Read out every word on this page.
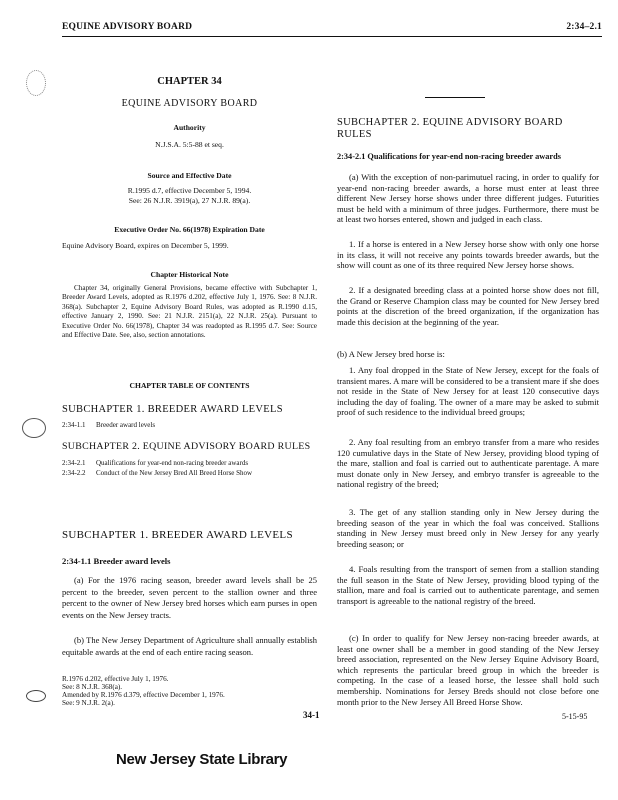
EQUINE ADVISORY BOARD	2:34–2.1
CHAPTER 34
EQUINE ADVISORY BOARD
Authority
N.J.S.A. 5:5-88 et seq.
Source and Effective Date
R.1995 d.7, effective December 5, 1994.
See: 26 N.J.R. 3919(a), 27 N.J.R. 89(a).
Executive Order No. 66(1978) Expiration Date
Equine Advisory Board, expires on December 5, 1999.
Chapter Historical Note
Chapter 34, originally General Provisions, became effective with Subchapter 1, Breeder Award Levels, adopted as R.1976 d.202, effective July 1, 1976. See: 8 N.J.R. 368(a). Subchapter 2, Equine Advisory Board Rules, was adopted as R.1990 d.15, effective January 2, 1990. See: 21 N.J.R. 2151(a), 22 N.J.R. 25(a). Pursuant to Executive Order No. 66(1978), Chapter 34 was readopted as R.1995 d.7. See: Source and Effective Date. See, also, section annotations.
CHAPTER TABLE OF CONTENTS
SUBCHAPTER 1. BREEDER AWARD LEVELS
2:34-1.1	Breeder award levels
SUBCHAPTER 2. EQUINE ADVISORY BOARD RULES
2:34-2.1	Qualifications for year-end non-racing breeder awards
2:34-2.2	Conduct of the New Jersey Bred All Breed Horse Show
SUBCHAPTER 1. BREEDER AWARD LEVELS
2:34-1.1 Breeder award levels
(a) For the 1976 racing season, breeder award levels shall be 25 percent to the breeder, seven percent to the stallion owner and three percent to the owner of New Jersey bred horses which earn purses in open events on the New Jersey tracts.
(b) The New Jersey Department of Agriculture shall annually establish equitable awards at the end of each entire racing season.
R.1976 d.202, effective July 1, 1976.
See: 8 N.J.R. 368(a).
Amended by R.1976 d.379, effective December 1, 1976.
See: 9 N.J.R. 2(a).
SUBCHAPTER 2. EQUINE ADVISORY BOARD RULES
2:34-2.1 Qualifications for year-end non-racing breeder awards
(a) With the exception of non-parimutuel racing, in order to qualify for year-end non-racing breeder awards, a horse must enter at least three different New Jersey horse shows under three different judges. Futurities must be held with a minimum of three judges. Furthermore, there must be at least two horses entered, shown and judged in each class.
1. If a horse is entered in a New Jersey horse show with only one horse in its class, it will not receive any points towards breeder awards, but the show will count as one of its three required New Jersey horse shows.
2. If a designated breeding class at a pointed horse show does not fill, the Grand or Reserve Champion class may be counted for New Jersey bred points at the discretion of the breed organization, if the organization has made this decision at the beginning of the year.
(b) A New Jersey bred horse is:
1. Any foal dropped in the State of New Jersey, except for the foals of transient mares. A mare will be considered to be a transient mare if she does not reside in the State of New Jersey for at least 120 consecutive days including the day of foaling. The owner of a mare may be asked to submit proof of such residence to the individual breed groups;
2. Any foal resulting from an embryo transfer from a mare who resides 120 cumulative days in the State of New Jersey, providing blood typing of the mare, stallion and foal is carried out to authenticate parentage. A mare must donate only in New Jersey, and embryo transfer is agreeable to the national registry of the breed;
3. The get of any stallion standing only in New Jersey during the breeding season of the year in which the foal was conceived. Stallions standing in New Jersey must breed only in New Jersey for any yearly breeding season; or
4. Foals resulting from the transport of semen from a stallion standing the full season in the State of New Jersey, providing blood typing of the stallion, mare and foal is carried out to authenticate parentage, and semen transport is agreeable to the national registry of the breed.
(c) In order to qualify for New Jersey non-racing breeder awards, at least one owner shall be a member in good standing of the New Jersey breed association, represented on the New Jersey Equine Advisory Board, which represents the particular breed group in which the breeder is competing. In the case of a leased horse, the lessee shall hold such membership. Nominations for Jersey Breds should not close before one month prior to the New Jersey All Breed Horse Show.
34-1	5-15-95
New Jersey State Library
